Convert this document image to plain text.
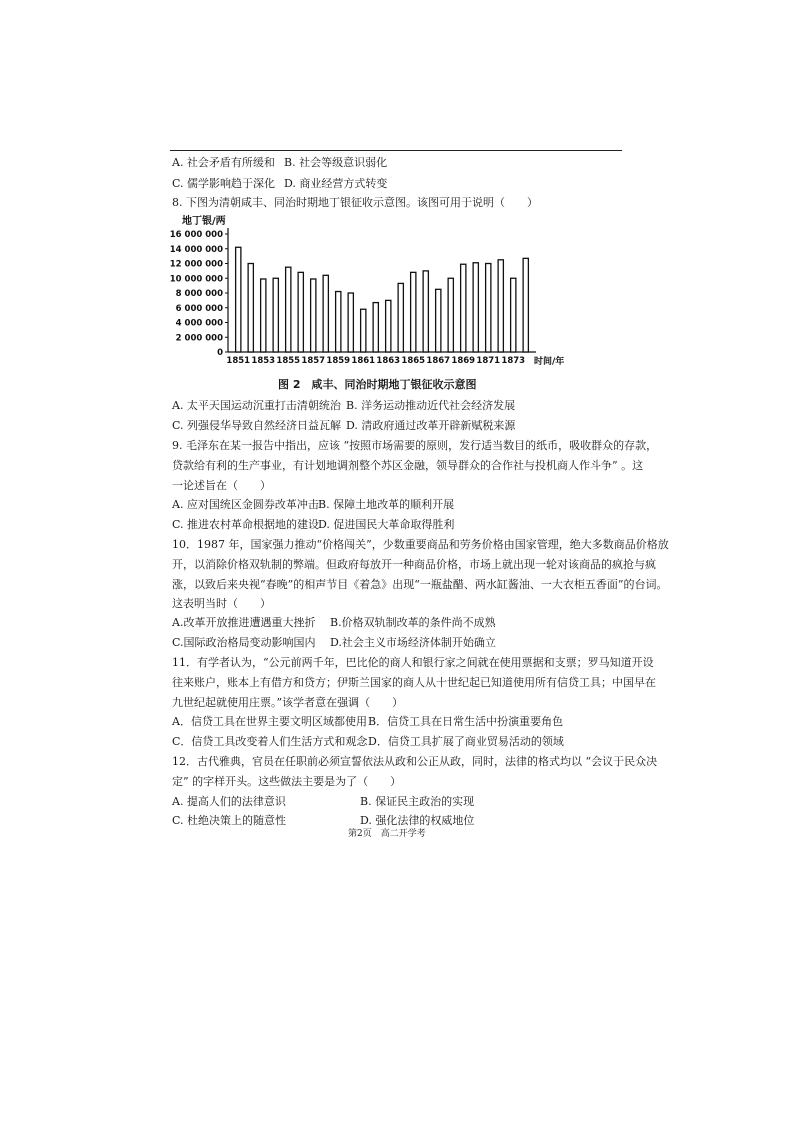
A. 社会矛盾有所缓和 B. 社会等级意识弱化
C. 儒学影响趋于深化 D. 商业经营方式转变
8. 下图为清朝咸丰、同治时期地丁银征收示意图。该图可用于说明（　　）
地丁银/两
0
2 000 000
4 000 000
6 000 000
8 000 000
10 000 000
12 000 000
14 000 000
16 000 000
1851 1853 1855 1857 1859 1861 1863 1865 1867 1869 1871 1873 时间/年
图 2　咸丰、同治时期地丁银征收示意图
A. 太平天国运动沉重打击清朝统治 B. 洋务运动推动近代社会经济发展
C. 列强侵华导致自然经济日益瓦解 D. 清政府通过改革开辟新赋税来源
9. 毛泽东在某一报告中指出，应该 “按照市场需要的原则，发行适当数目的纸币，吸收群众的存款，
贷款给有利的生产事业，有计划地调剂整个苏区金融，领导群众的合作社与投机商人作斗争” 。这
一论述旨在（　　）
A. 应对国统区金圆券改革冲击 B. 保障土地改革的顺利开展
C. 推进农村革命根据地的建设
D. 促进国民大革命取得胜利
10．1987 年，国家强力推动“价格闯关”，少数重要商品和劳务价格由国家管理，绝大多数商品价格放
开，以消除价格双轨制的弊端。但政府每放开一种商品价格，市场上就出现一轮对该商品的疯抢与疯
涨，以致后来央视“春晚”的相声节目《着急》出现“一瓶盐醋、两水缸酱油、一大衣柜五香面”的台词。
这表明当时（　　）
A.改革开放推进遭遇重大挫折 B.价格双轨制改革的条件尚不成熟
C.国际政治格局变动影响国内 D.社会主义市场经济体制开始确立
11．有学者认为，“公元前两千年，巴比伦的商人和银行家之间就在使用票据和支票；罗马知道开设
往来账户，账本上有借方和贷方；伊斯兰国家的商人从十世纪起已知道使用所有信贷工具；中国早在
九世纪起就使用庄票。”该学者意在强调（　　）
A．信贷工具在世界主要文明区域都使用 B．信贷工具在日常生活中扮演重要角色
C．信贷工具改变着人们生活方式和观念 D．信贷工具扩展了商业贸易活动的领域
12．古代雅典，官员在任职前必须宣誓依法从政和公正从政，同时，法律的格式均以 “会议于民众决
定” 的字样开头。这些做法主要是为了（　　）
A. 提高人们的法律意识	B. 保证民主政治的实现
C. 杜绝决策上的随意性	D. 强化法律的权威地位
第2页　高二开学考
